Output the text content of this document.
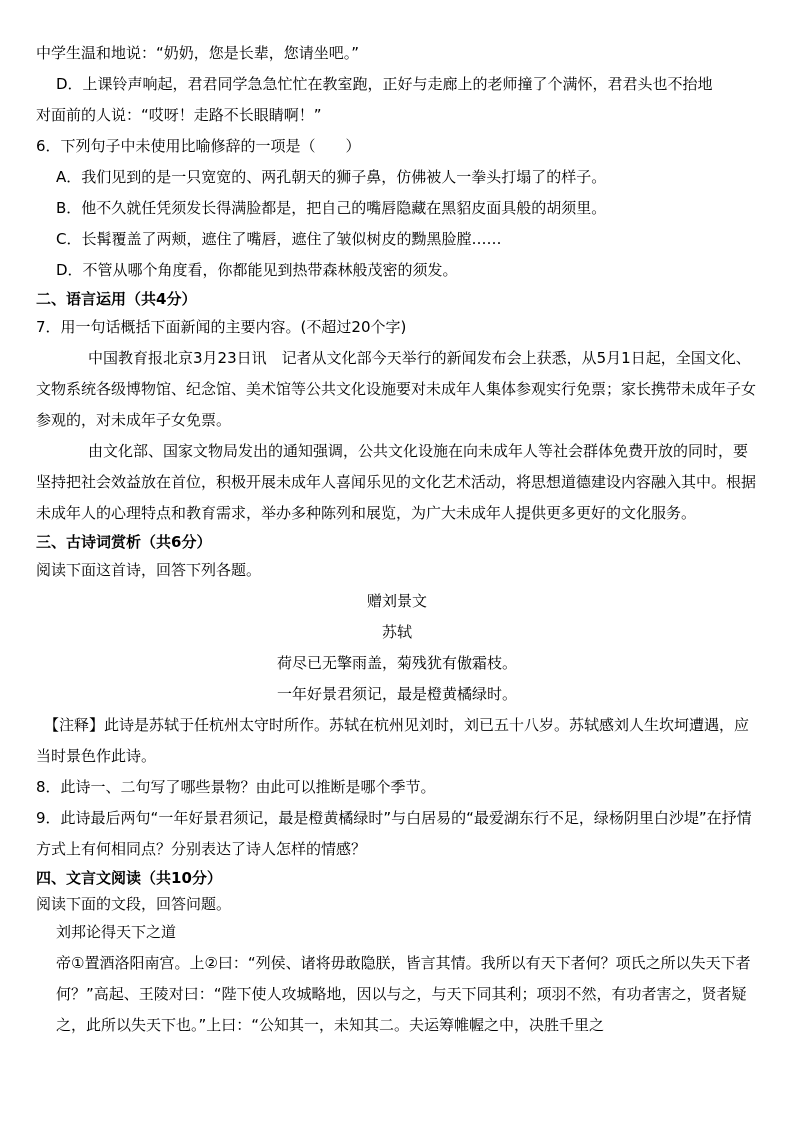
中学生温和地说：“奶奶，您是长辈，您请坐吧。”
D．上课铃声响起，君君同学急急忙忙在教室跑，正好与走廊上的老师撞了个满怀，君君头也不抬地
对面前的人说：“哎呀！走路不长眼睛啊！”
6．下列句子中未使用比喻修辞的一项是（　　）
A．我们见到的是一只宽宽的、两孔朝天的狮子鼻，仿佛被人一拳头打塌了的样子。
B．他不久就任凭须发长得满脸都是，把自己的嘴唇隐藏在黑貂皮面具般的胡须里。
C．长髯覆盖了两颊，遮住了嘴唇，遮住了皱似树皮的黝黑脸膛……
D．不管从哪个角度看，你都能见到热带森林般茂密的须发。
二、语言运用（共4分）
7．用一句话概括下面新闻的主要内容。(不超过20个字)
中国教育报北京3月23日讯　记者从文化部今天举行的新闻发布会上获悉，从5月1日起，全国文化、文物系统各级博物馆、纪念馆、美术馆等公共文化设施要对未成年人集体参观实行免票；家长携带未成年子女参观的，对未成年子女免票。
由文化部、国家文物局发出的通知强调，公共文化设施在向未成年人等社会群体免费开放的同时，要坚持把社会效益放在首位，积极开展未成年人喜闻乐见的文化艺术活动，将思想道德建设内容融入其中。根据未成年人的心理特点和教育需求，举办多种陈列和展览，为广大未成年人提供更多更好的文化服务。
三、古诗词赏析（共6分）
阅读下面这首诗，回答下列各题。
赠刘景文
苏轼
荷尽已无擎雨盖，菊残犹有傲霜枝。
一年好景君须记，最是橙黄橘绿时。
【注释】此诗是苏轼于任杭州太守时所作。苏轼在杭州见刘时，刘已五十八岁。苏轼感刘人生坎坷遭遇，应当时景色作此诗。
8．此诗一、二句写了哪些景物？由此可以推断是哪个季节。
9．此诗最后两句“一年好景君须记，最是橙黄橘绿时”与白居易的“最爱湖东行不足，绿杨阴里白沙堤”在抒情方式上有何相同点？分别表达了诗人怎样的情感？
四、文言文阅读（共10分）
阅读下面的文段，回答问题。
刘邦论得天下之道
帝①置酒洛阳南宫。上②曰：“列侯、诸将毋敢隐朕，皆言其情。我所以有天下者何？项氏之所以失天下者何？”高起、王陵对曰：“陛下使人攻城略地，因以与之，与天下同其利；项羽不然，有功者害之，贤者疑之，此所以失天下也。”上曰：“公知其一，未知其二。夫运筹帷幄之中，决胜千里之
